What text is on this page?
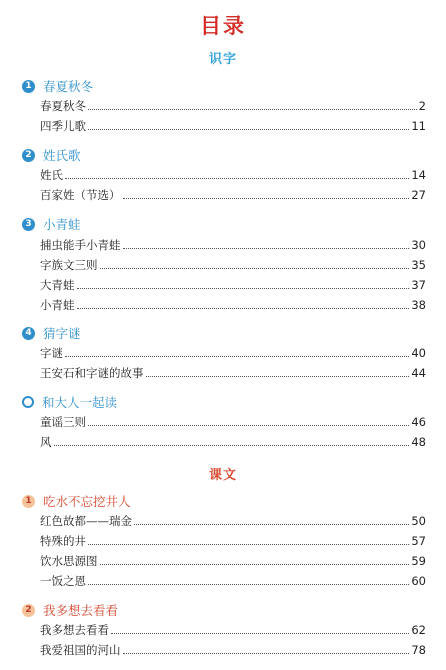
目录
识字
1 春夏秋冬
春夏秋冬	2
四季儿歌	11
2 姓氏歌
姓氏	14
百家姓（节选）	27
3 小青蛙
捕虫能手小青蛙	30
字族文三则	35
大青蛙	37
小青蛙	38
4 猜字谜
字谜	40
王安石和字谜的故事	44
和大人一起读
童谣三则	46
风	48
课文
1 吃水不忘挖井人
红色故都——瑞金	50
特殊的井	57
饮水思源图	59
一饭之恩	60
2 我多想去看看
我多想去看看	62
我爱祖国的河山	78
